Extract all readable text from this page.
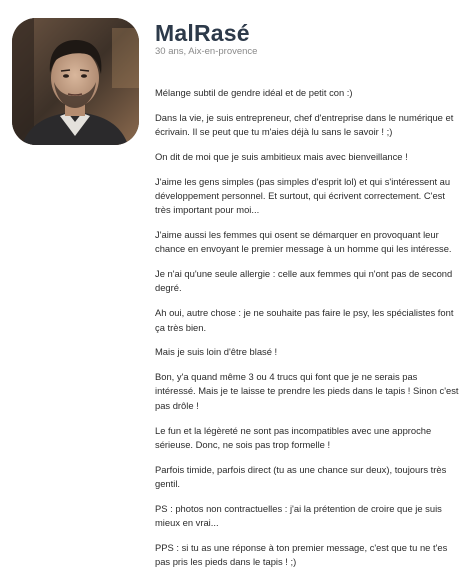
MalRasé
30 ans, Aix-en-provence

Mélange subtil de gendre idéal et de petit con :)

Dans la vie, je suis entrepreneur, chef d'entreprise dans le numérique et écrivain. Il se peut que tu m'aies déjà lu sans le savoir ! ;)

On dit de moi que je suis ambitieux mais avec bienveillance !

J'aime les gens simples (pas simples d'esprit lol) et qui s'intéressent au développement personnel. Et surtout, qui écrivent correctement. C'est très important pour moi...

J'aime aussi les femmes qui osent se démarquer en provoquant leur chance en envoyant le premier message à un homme qui les intéresse.

Je n'ai qu'une seule allergie : celle aux femmes qui n'ont pas de second degré.

Ah oui, autre chose : je ne souhaite pas faire le psy, les spécialistes font ça très bien.

Mais je suis loin d'être blasé !

Bon, y'a quand même 3 ou 4 trucs qui font que je ne serais pas intéressé. Mais je te laisse te prendre les pieds dans le tapis ! Sinon c'est pas drôle !

Le fun et la légèreté ne sont pas incompatibles avec une approche sérieuse. Donc, ne sois pas trop formelle !

Parfois timide, parfois direct (tu as une chance sur deux), toujours très gentil.

PS : photos non contractuelles : j'ai la prétention de croire que je suis mieux en vrai...

PPS : si tu as une réponse à ton premier message, c'est que tu ne t'es pas pris les pieds dans le tapis ! ;)
